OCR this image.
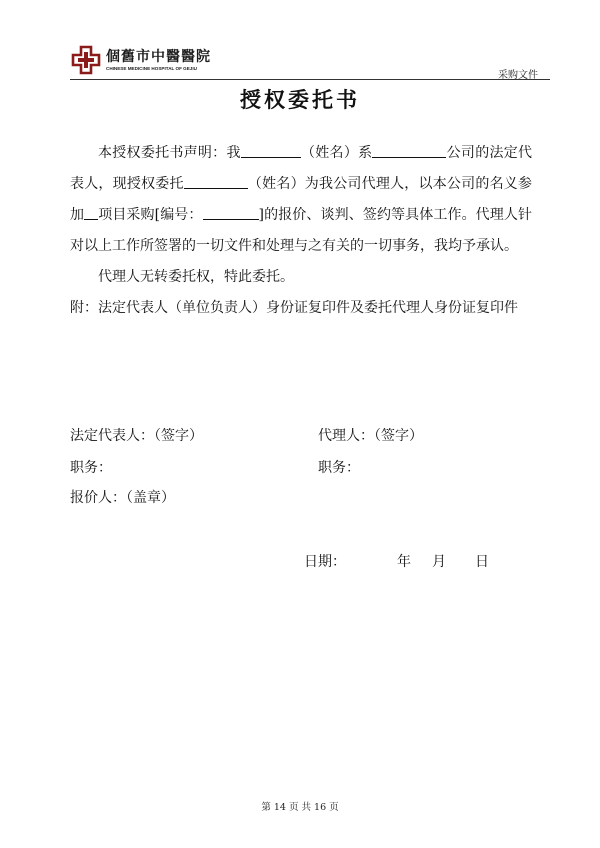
個舊市中醫醫院
CHINESE MEDICINE HOSPITAL OF GEJIU
采购文件
授权委托书
本授权委托书声明：我	（姓名）系	公司的法定代表人，现授权委托	（姓名）为我公司代理人，以本公司的名义参加 项目采购[编号：	]的报价、谈判、签约等具体工作。代理人针对以上工作所签署的一切文件和处理与之有关的一切事务，我均予承认。
代理人无转委托权，特此委托。
附：法定代表人（单位负责人）身份证复印件及委托代理人身份证复印件
法定代表人：（签字）	代理人：（签字）
职务：	职务：
报价人：（盖章）
日期：	年 月 日
第 14 页 共 16 页
